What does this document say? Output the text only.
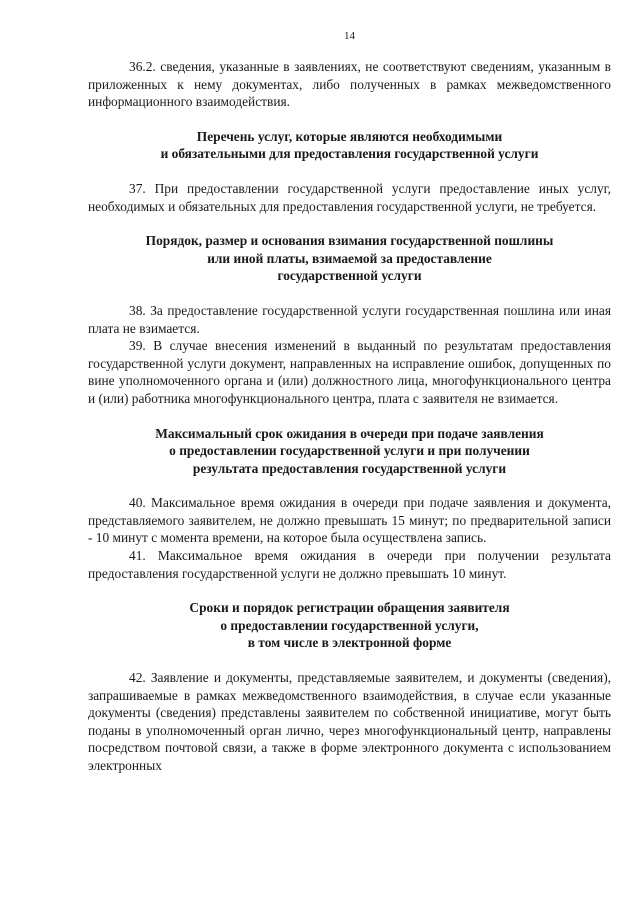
14

36.2. сведения, указанные в заявлениях, не соответствуют сведениям, указанным в приложенных к нему документах, либо полученных в рамках межведомственного информационного взаимодействия.

Перечень услуг, которые являются необходимыми

и обязательными для предоставления государственной услуги

37. При предоставлении государственной услуги предоставление иных услуг, необходимых и обязательных для предоставления государственной услуги, не требуется.

Порядок, размер и основания взимания государственной пошлины

или иной платы, взимаемой за предоставление

государственной услуги

38. За предоставление государственной услуги государственная пошлина или иная плата не взимается.

39. В случае внесения изменений в выданный по результатам предоставления государственной услуги документ, направленных на исправление ошибок, допущенных по вине уполномоченного органа и (или) должностного лица, многофункционального центра и (или) работника многофункционального центра, плата с заявителя не взимается.

Максимальный срок ожидания в очереди при подаче заявления

о предоставлении государственной услуги и при получении

результата предоставления государственной услуги

40. Максимальное время ожидания в очереди при подаче заявления и документа, представляемого заявителем, не должно превышать 15 минут; по предварительной записи - 10 минут с момента времени, на которое была осуществлена запись.

41. Максимальное время ожидания в очереди при получении результата предоставления государственной услуги не должно превышать 10 минут.

Сроки и порядок регистрации обращения заявителя

о предоставлении государственной услуги,

в том числе в электронной форме

42. Заявление и документы, представляемые заявителем, и документы (сведения), запрашиваемые в рамках межведомственного взаимодействия, в случае если указанные документы (сведения) представлены заявителем по собственной инициативе, могут быть поданы в уполномоченный орган лично, через многофункциональный центр, направлены посредством почтовой связи, а также в форме электронного документа с использованием электронных
